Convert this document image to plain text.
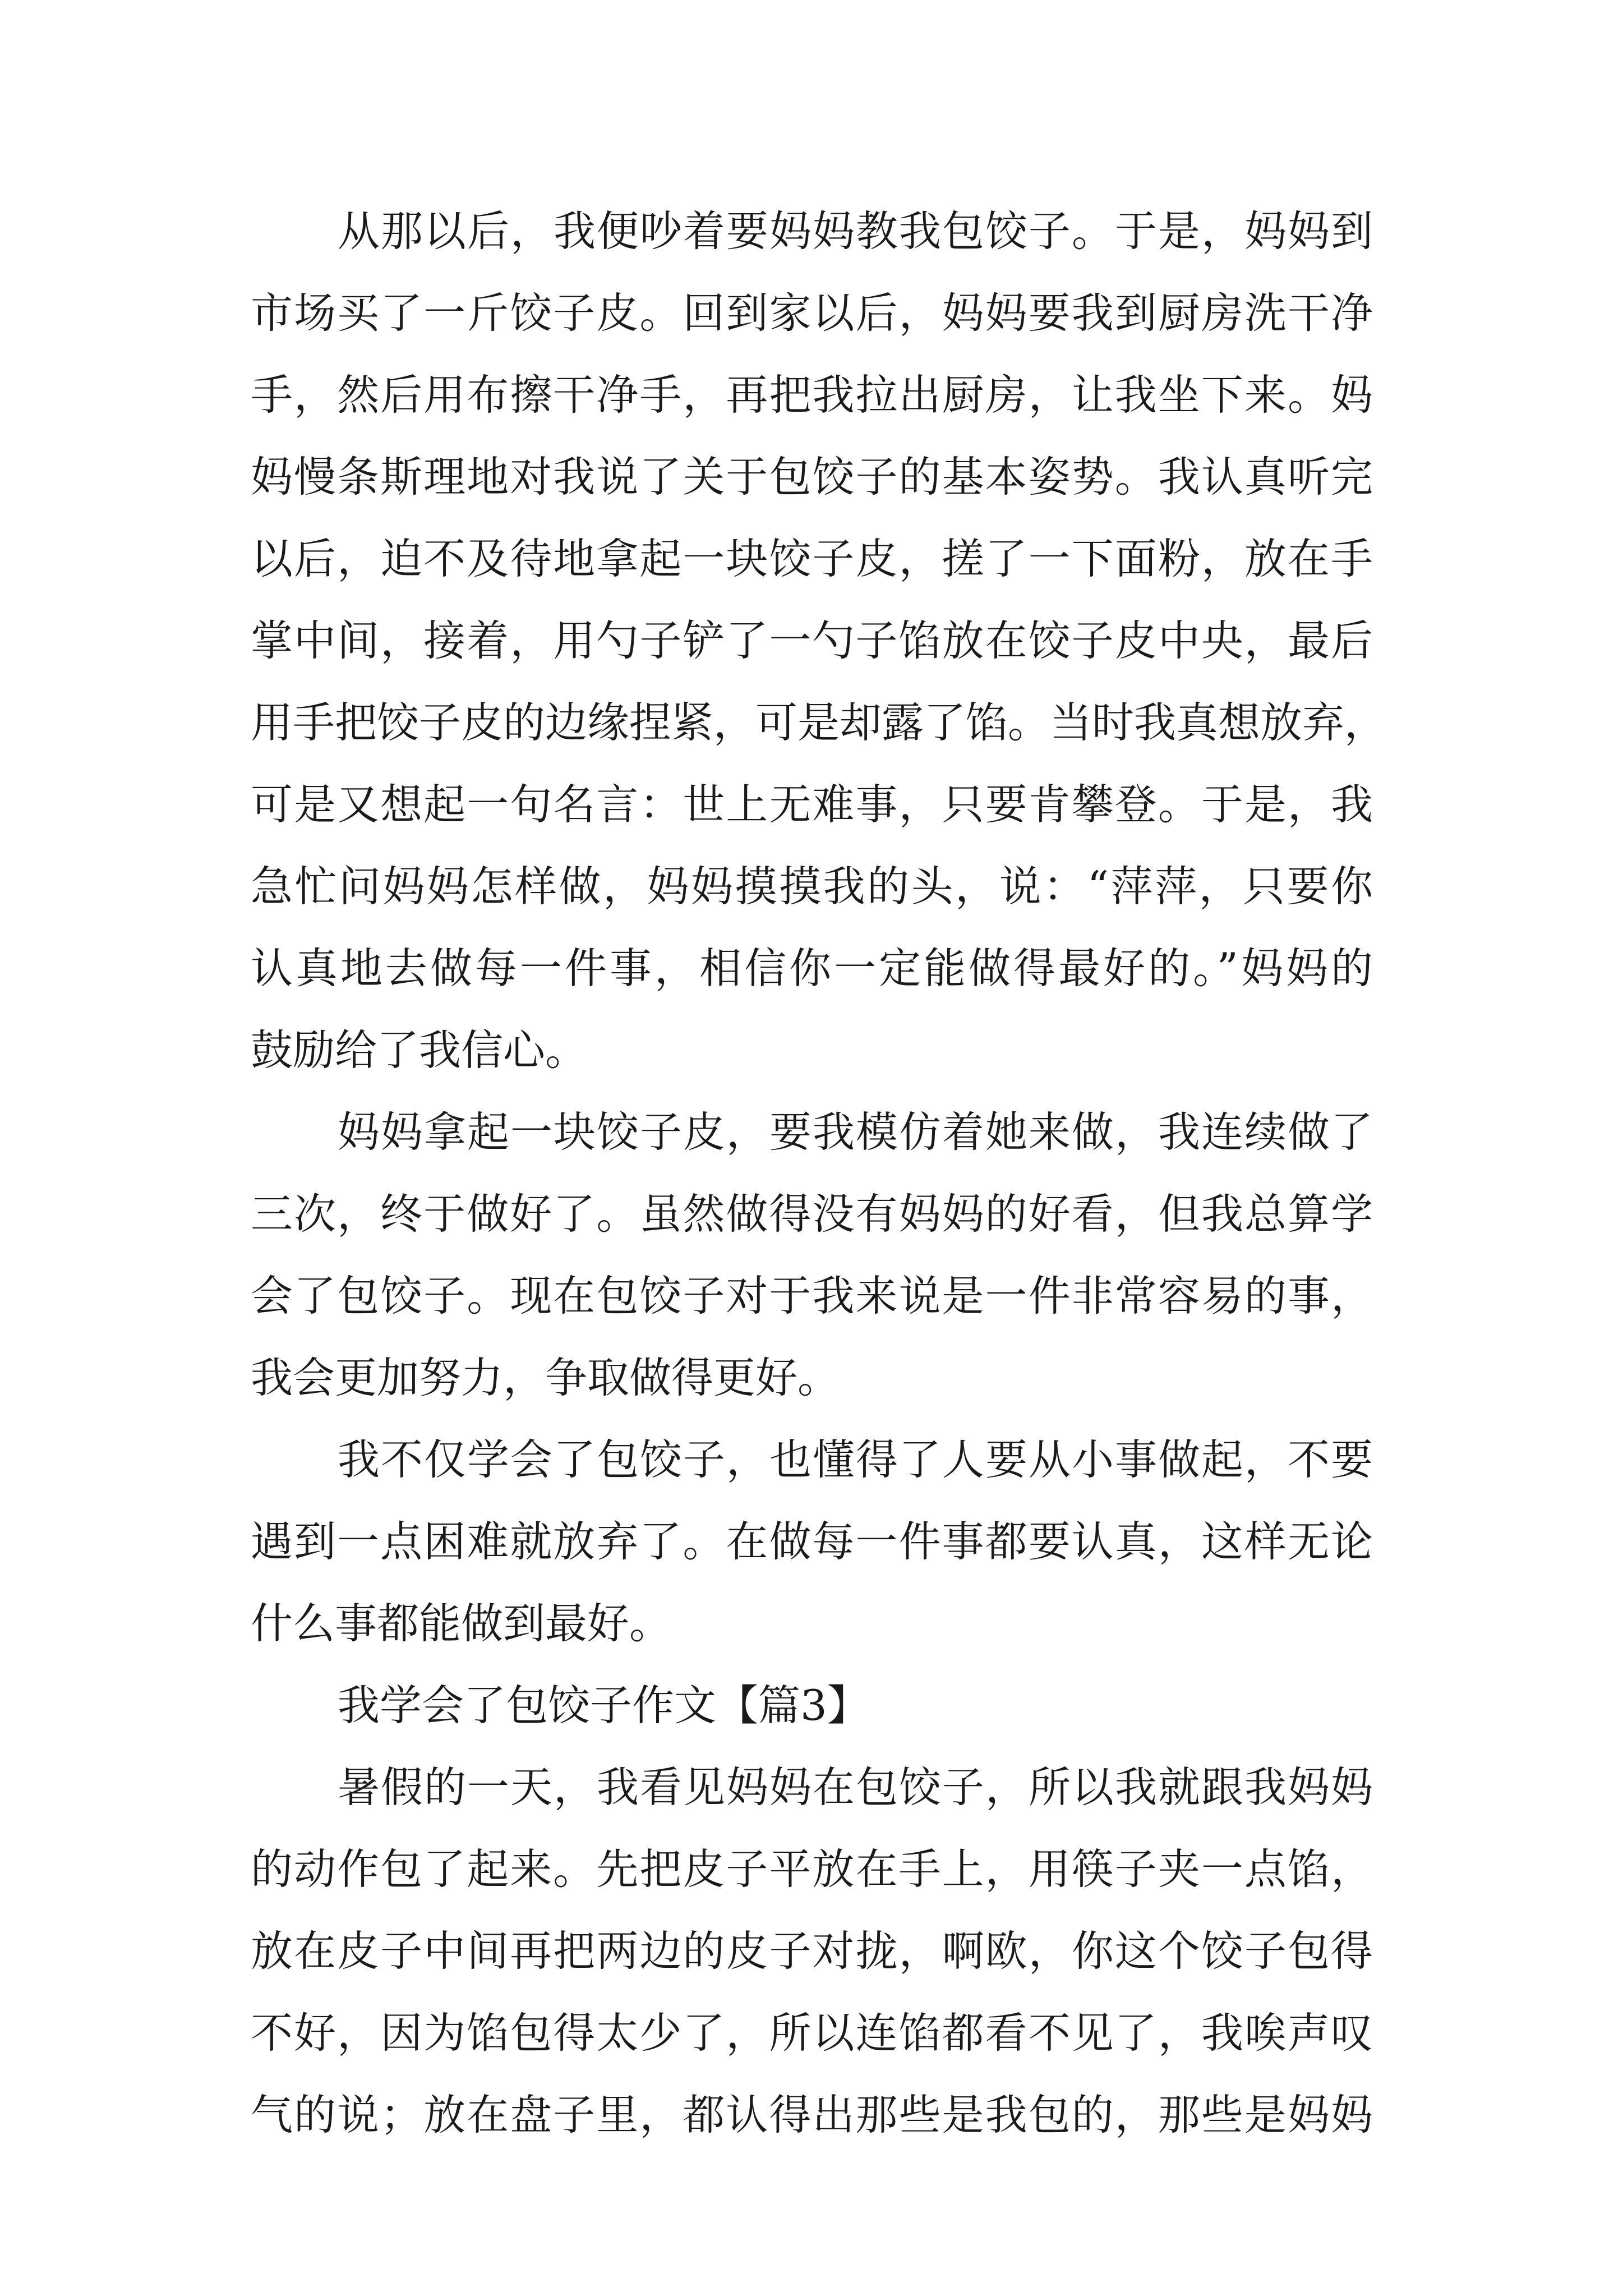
从那以后，我便吵着要妈妈教我包饺子。于是，妈妈到

市场买了一斤饺子皮。回到家以后，妈妈要我到厨房洗干净

手，然后用布擦干净手，再把我拉出厨房，让我坐下来。妈

妈慢条斯理地对我说了关于包饺子的基本姿势。我认真听完

以后，迫不及待地拿起一块饺子皮，搓了一下面粉，放在手

掌中间，接着，用勺子铲了一勺子馅放在饺子皮中央，最后

用手把饺子皮的边缘捏紧，可是却露了馅。当时我真想放弃，

可是又想起一句名言：世上无难事，只要肯攀登。于是，我

急忙问妈妈怎样做，妈妈摸摸我的头，说：“萍萍，只要你

认真地去做每一件事，相信你一定能做得最好的。”妈妈的

鼓励给了我信心。

妈妈拿起一块饺子皮，要我模仿着她来做，我连续做了

三次，终于做好了。虽然做得没有妈妈的好看，但我总算学

会了包饺子。现在包饺子对于我来说是一件非常容易的事，

我会更加努力，争取做得更好。

我不仅学会了包饺子，也懂得了人要从小事做起，不要

遇到一点困难就放弃了。在做每一件事都要认真，这样无论

什么事都能做到最好。

我学会了包饺子作文【篇3】

暑假的一天，我看见妈妈在包饺子，所以我就跟我妈妈

的动作包了起来。先把皮子平放在手上，用筷子夹一点馅，

放在皮子中间再把两边的皮子对拢，啊欧，你这个饺子包得

不好，因为馅包得太少了，所以连馅都看不见了，我唉声叹

气的说；放在盘子里，都认得出那些是我包的，那些是妈妈
